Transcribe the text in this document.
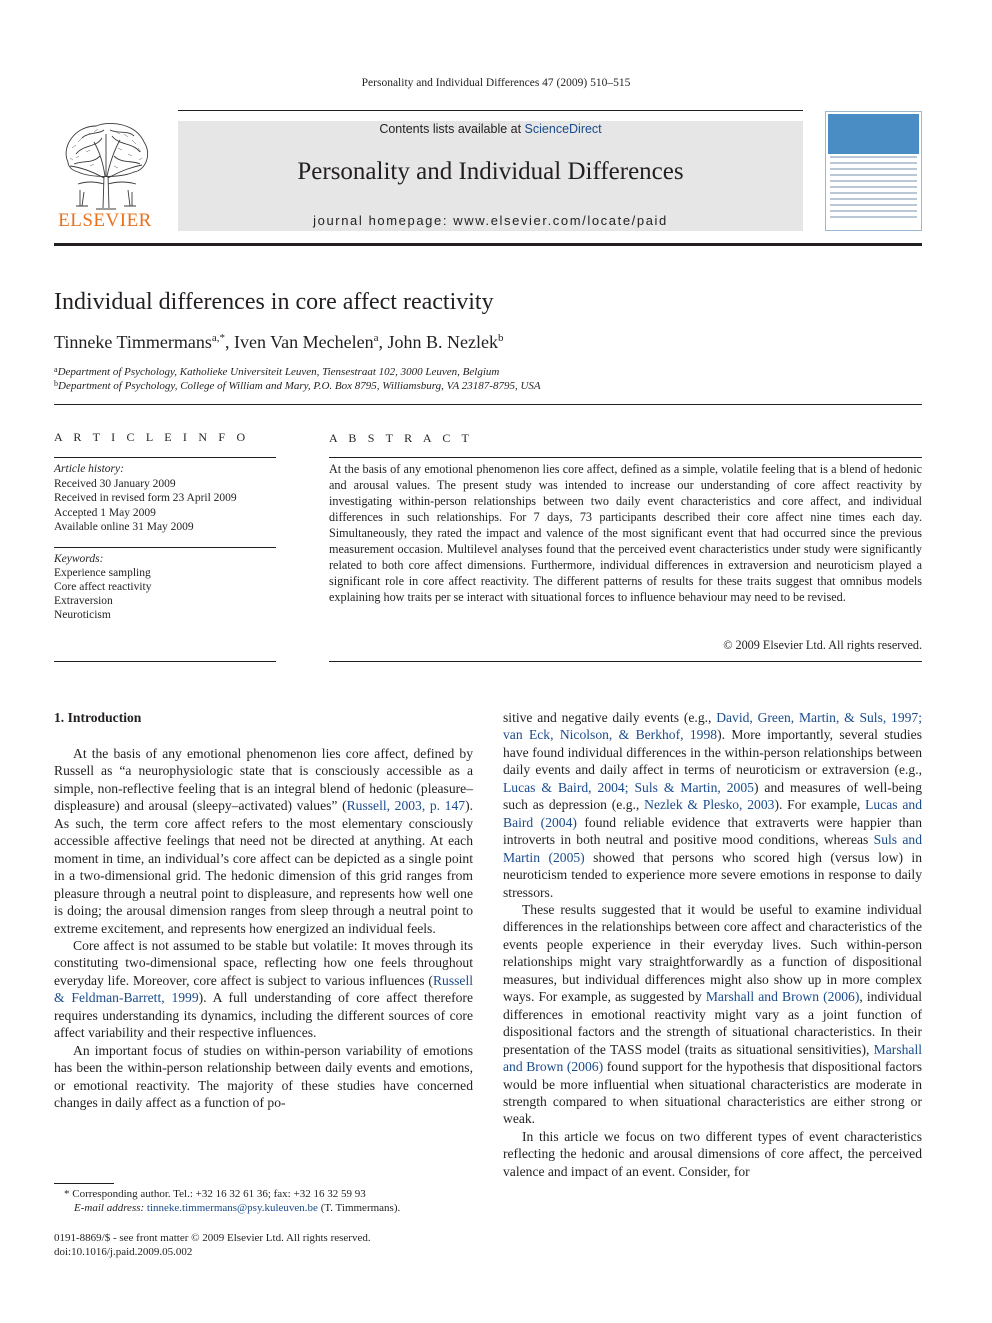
Personality and Individual Differences 47 (2009) 510–515
ELSEVIER
Contents lists available at ScienceDirect
Personality and Individual Differences
journal homepage: www.elsevier.com/locate/paid
Individual differences in core affect reactivity
Tinneke Timmermans$^{a,*}$, Iven Van Mechelen$^a$, John B. Nezlek$^b$
$^a$Department of Psychology, Katholieke Universiteit Leuven, Tiensestraat 102, 3000 Leuven, Belgium
$^b$Department of Psychology, College of William and Mary, P.O. Box 8795, Williamsburg, VA 23187-8795, USA
A R T I C L E I N F O	A B S T R A C T
Article history:
Received 30 January 2009
Received in revised form 23 April 2009
Accepted 1 May 2009
Available online 31 May 2009
Keywords:
Experience sampling
Core affect reactivity
Extraversion
Neuroticism
At the basis of any emotional phenomenon lies core affect, defined as a simple, volatile feeling that is a blend of hedonic and arousal values. The present study was intended to increase our understanding of core affect reactivity by investigating within-person relationships between two daily event characteristics and core affect, and individual differences in such relationships. For 7 days, 73 participants described their core affect nine times each day. Simultaneously, they rated the impact and valence of the most significant event that had occurred since the previous measurement occasion. Multilevel analyses found that the perceived event characteristics under study were significantly related to both core affect dimensions. Furthermore, individual differences in extraversion and neuroticism played a significant role in core affect reactivity. The different patterns of results for these traits suggest that omnibus models explaining how traits per se interact with situational forces to influence behaviour may need to be revised.
© 2009 Elsevier Ltd. All rights reserved.
1. Introduction

At the basis of any emotional phenomenon lies core affect, defined by Russell as “a neurophysiologic state that is consciously accessible as a simple, non-reflective feeling that is an integral blend of hedonic (pleasure–displeasure) and arousal (sleepy–activated) values” (Russell, 2003, p. 147). As such, the term core affect refers to the most elementary consciously accessible affective feelings that need not be directed at anything. At each moment in time, an individual’s core affect can be depicted as a single point in a two-dimensional grid. The hedonic dimension of this grid ranges from pleasure through a neutral point to displeasure, and represents how well one is doing; the arousal dimension ranges from sleep through a neutral point to extreme excitement, and represents how energized an individual feels.

Core affect is not assumed to be stable but volatile: It moves through its constituting two-dimensional space, reflecting how one feels throughout everyday life. Moreover, core affect is subject to various influences (Russell & Feldman-Barrett, 1999). A full understanding of core affect therefore requires understanding its dynamics, including the different sources of core affect variability and their respective influences.

An important focus of studies on within-person variability of emotions has been the within-person relationship between daily events and emotions, or emotional reactivity. The majority of these studies have concerned changes in daily affect as a function of po-

sitive and negative daily events (e.g., David, Green, Martin, & Suls, 1997; van Eck, Nicolson, & Berkhof, 1998). More importantly, several studies have found individual differences in the within-person relationships between daily events and daily affect in terms of neuroticism or extraversion (e.g., Lucas & Baird, 2004; Suls & Martin, 2005) and measures of well-being such as depression (e.g., Nezlek & Plesko, 2003). For example, Lucas and Baird (2004) found reliable evidence that extraverts were happier than introverts in both neutral and positive mood conditions, whereas Suls and Martin (2005) showed that persons who scored high (versus low) in neuroticism tended to experience more severe emotions in response to daily stressors.

These results suggested that it would be useful to examine individual differences in the relationships between core affect and characteristics of the events people experience in their everyday lives. Such within-person relationships might vary straightforwardly as a function of dispositional measures, but individual differences might also show up in more complex ways. For example, as suggested by Marshall and Brown (2006), individual differences in emotional reactivity might vary as a joint function of dispositional factors and the strength of situational characteristics. In their presentation of the TASS model (traits as situational sensitivities), Marshall and Brown (2006) found support for the hypothesis that dispositional factors would be more influential when situational characteristics are moderate in strength compared to when situational characteristics are either strong or weak.

In this article we focus on two different types of event characteristics reflecting the hedonic and arousal dimensions of core affect, the perceived valence and impact of an event. Consider, for

* Corresponding author. Tel.: +32 16 32 61 36; fax: +32 16 32 59 93
E-mail address: tinneke.timmermans@psy.kuleuven.be (T. Timmermans).
0191-8869/$ - see front matter © 2009 Elsevier Ltd. All rights reserved.
doi:10.1016/j.paid.2009.05.002
